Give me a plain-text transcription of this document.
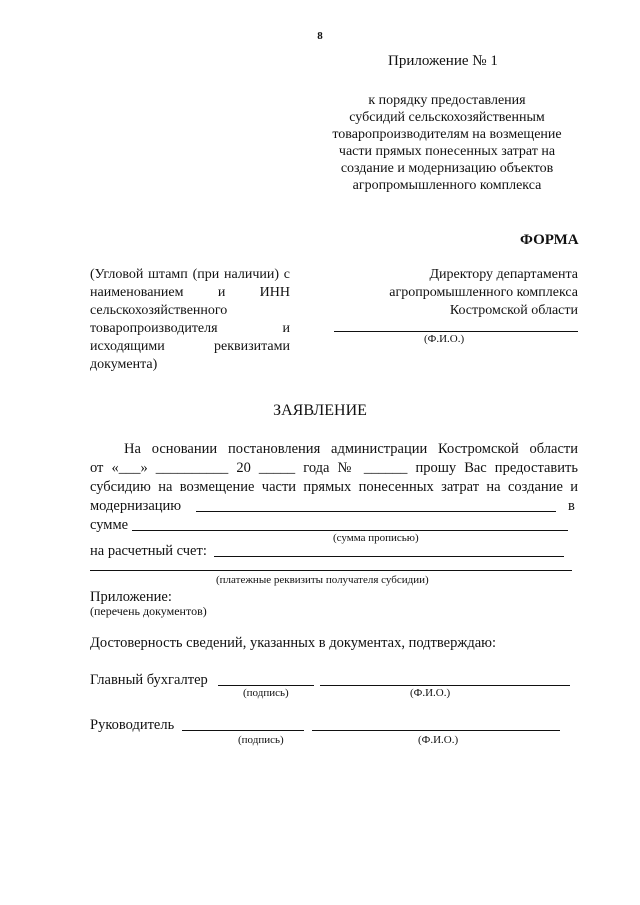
8
Приложение № 1
к порядку предоставления
субсидий сельскохозяйственным
товаропроизводителям на возмещение
части прямых понесенных затрат на
создание и модернизацию объектов
агропромышленного комплекса
ФОРМА
(Угловой штамп (при наличии) с наименованием и ИНН сельскохозяйственного товаропроизводителя и исходящими реквизитами документа)
Директору департамента
агропромышленного комплекса
Костромской области
(Ф.И.О.)
ЗАЯВЛЕНИЕ
На основании постановления администрации Костромской области
от «___» __________ 20 _____ года № ______ прошу Вас предоставить
субсидию на возмещение части прямых понесенных затрат на создание и
модернизацию	в
сумме
(сумма прописью)
на расчетный счет:
(платежные реквизиты получателя субсидии)
Приложение:
(перечень документов)
Достоверность сведений, указанных в документах, подтверждаю:
Главный бухгалтер
(подпись)	(Ф.И.О.)
Руководитель
(подпись)	(Ф.И.О.)
